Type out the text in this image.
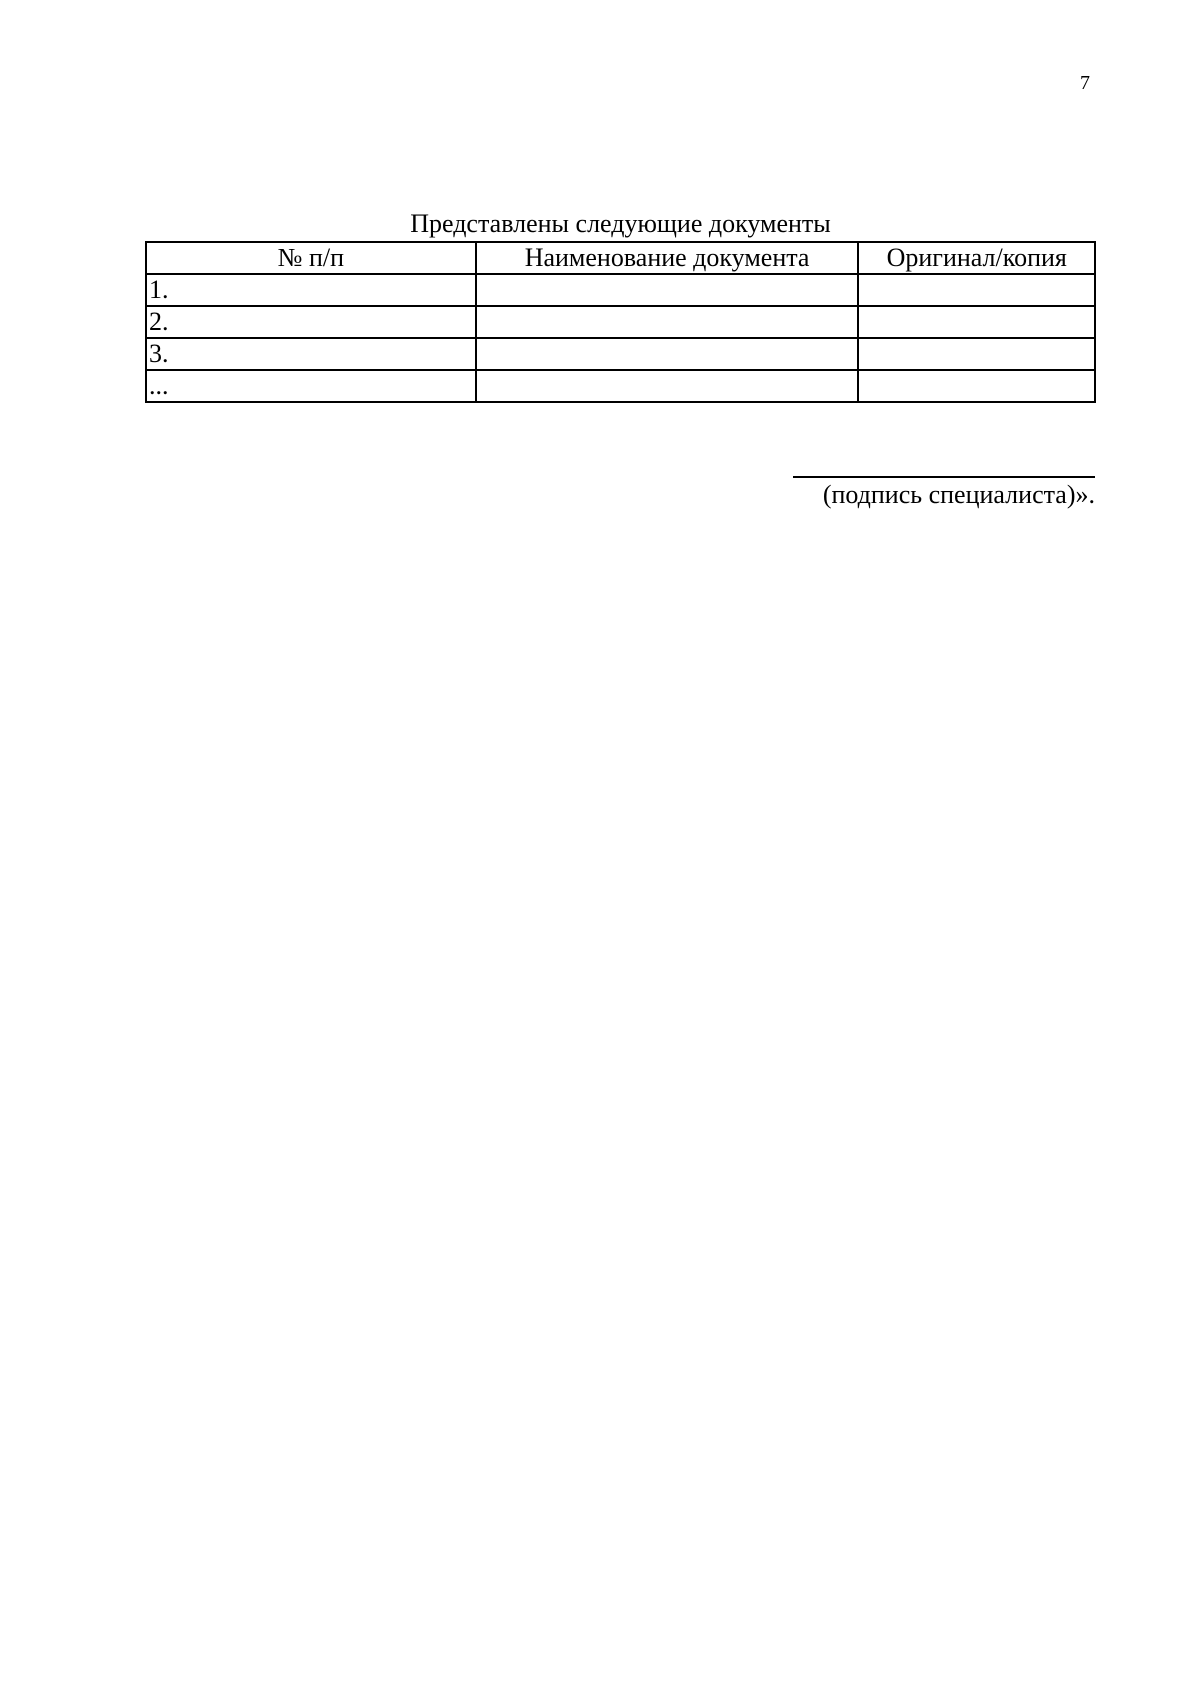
7
Представлены следующие документы
№ п/п	Наименование документа	Оригинал/копия
1.		
2.		
3.		
...		
(подпись специалиста)».
